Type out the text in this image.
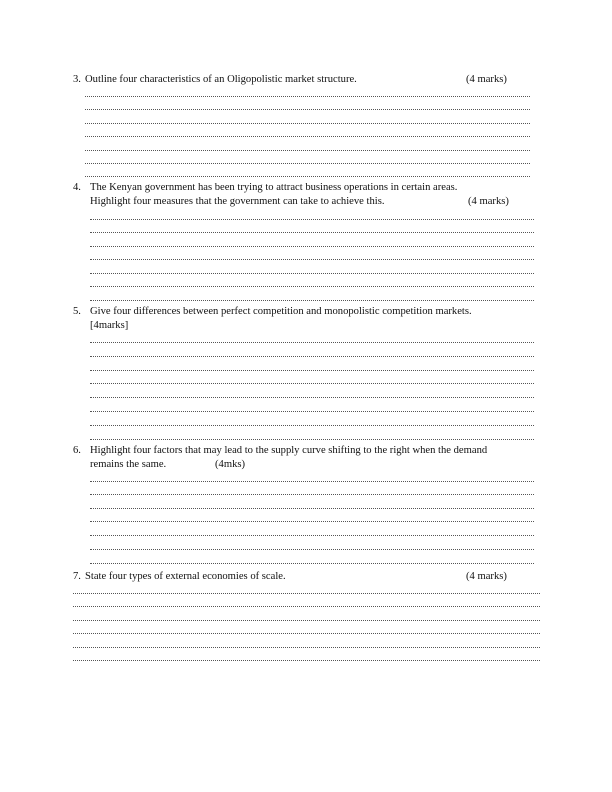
3. Outline four characteristics of an Oligopolistic market structure.	(4 marks)
4. The Kenyan government has been trying to attract business operations in certain areas.
Highlight four measures that the government can take to achieve this.	(4 marks)
5. Give four differences between perfect competition and monopolistic competition markets.
[4marks]
6. Highlight four factors that may lead to the supply curve shifting to the right when the demand
remains the same.	(4mks)
7. State four types of external economies of scale.	(4 marks)
